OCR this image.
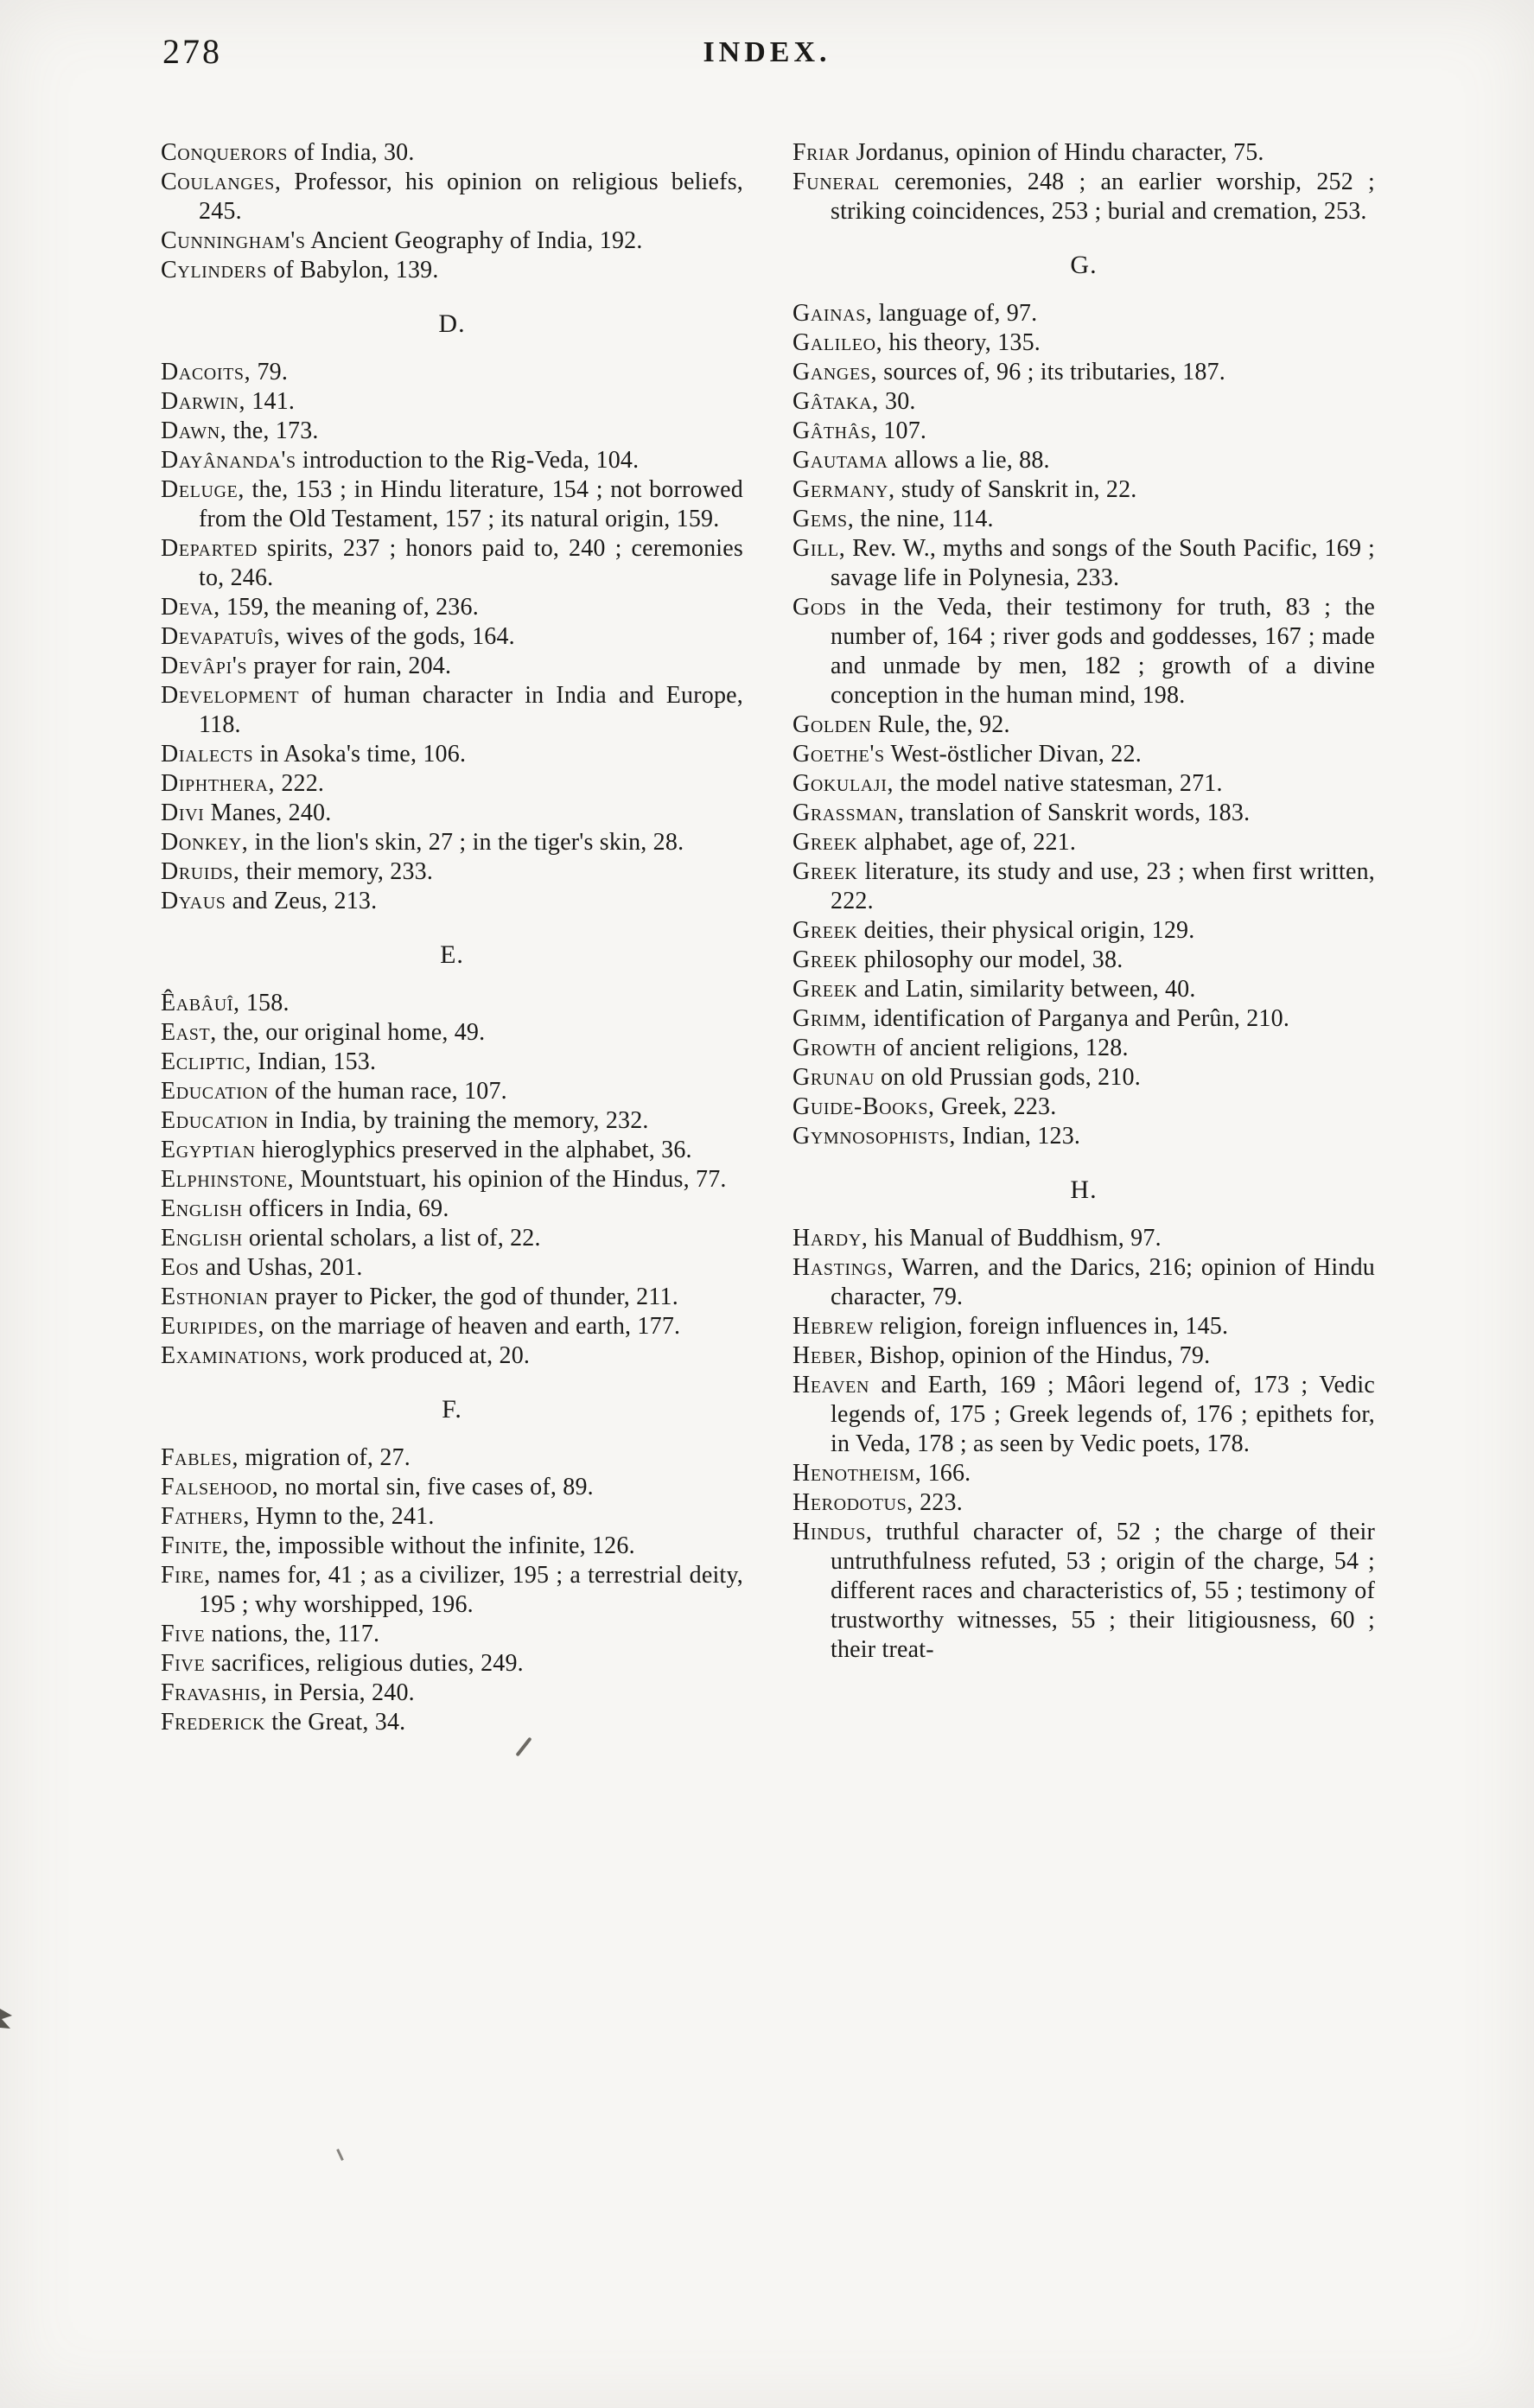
278	INDEX.

Conquerors of India, 30.

Coulanges, Professor, his opinion on religious beliefs, 245.

Cunningham's Ancient Geography of India, 192.

Cylinders of Babylon, 139.

D.

Dacoits, 79.

Darwin, 141.

Dawn, the, 173.

Dayânanda's introduction to the Rig-Veda, 104.

Deluge, the, 153 ; in Hindu literature, 154 ; not borrowed from the Old Testament, 157 ; its natural origin, 159.

Departed spirits, 237 ; honors paid to, 240 ; ceremonies to, 246.

Deva, 159, the meaning of, 236.

Devapatuîs, wives of the gods, 164.

Devâpi's prayer for rain, 204.

Development of human character in India and Europe, 118.

Dialects in Asoka's time, 106.

Diphthera, 222.

Divi Manes, 240.

Donkey, in the lion's skin, 27 ; in the tiger's skin, 28.

Druids, their memory, 233.

Dyaus and Zeus, 213.

E.

Êabâuî, 158.

East, the, our original home, 49.

Ecliptic, Indian, 153.

Education of the human race, 107.

Education in India, by training the memory, 232.

Egyptian hieroglyphics preserved in the alphabet, 36.

Elphinstone, Mountstuart, his opinion of the Hindus, 77.

English officers in India, 69.

English oriental scholars, a list of, 22.

Eos and Ushas, 201.

Esthonian prayer to Picker, the god of thunder, 211.

Euripides, on the marriage of heaven and earth, 177.

Examinations, work produced at, 20.

F.

Fables, migration of, 27.

Falsehood, no mortal sin, five cases of, 89.

Fathers, Hymn to the, 241.

Finite, the, impossible without the infinite, 126.

Fire, names for, 41 ; as a civilizer, 195 ; a terrestrial deity, 195 ; why worshipped, 196.

Five nations, the, 117.

Five sacrifices, religious duties, 249.

Fravashis, in Persia, 240.

Frederick the Great, 34.

Friar Jordanus, opinion of Hindu character, 75.

Funeral ceremonies, 248 ; an earlier worship, 252 ; striking coincidences, 253 ; burial and cremation, 253.

G.

Gainas, language of, 97.

Galileo, his theory, 135.

Ganges, sources of, 96 ; its tributaries, 187.

Gâtaka, 30.

Gâthâs, 107.

Gautama allows a lie, 88.

Germany, study of Sanskrit in, 22.

Gems, the nine, 114.

Gill, Rev. W., myths and songs of the South Pacific, 169 ; savage life in Polynesia, 233.

Gods in the Veda, their testimony for truth, 83 ; the number of, 164 ; river gods and goddesses, 167 ; made and unmade by men, 182 ; growth of a divine conception in the human mind, 198.

Golden Rule, the, 92.

Goethe's West-östlicher Divan, 22.

Gokulaji, the model native statesman, 271.

Grassman, translation of Sanskrit words, 183.

Greek alphabet, age of, 221.

Greek literature, its study and use, 23 ; when first written, 222.

Greek deities, their physical origin, 129.

Greek philosophy our model, 38.

Greek and Latin, similarity between, 40.

Grimm, identification of Parganya and Perûn, 210.

Growth of ancient religions, 128.

Grunau on old Prussian gods, 210.

Guide-Books, Greek, 223.

Gymnosophists, Indian, 123.

H.

Hardy, his Manual of Buddhism, 97.

Hastings, Warren, and the Darics, 216; opinion of Hindu character, 79.

Hebrew religion, foreign influences in, 145.

Heber, Bishop, opinion of the Hindus, 79.

Heaven and Earth, 169 ; Mâori legend of, 173 ; Vedic legends of, 175 ; Greek legends of, 176 ; epithets for, in Veda, 178 ; as seen by Vedic poets, 178.

Henotheism, 166.

Herodotus, 223.

Hindus, truthful character of, 52 ; the charge of their untruthfulness refuted, 53 ; origin of the charge, 54 ; different races and characteristics of, 55 ; testimony of trustworthy witnesses, 55 ; their litigiousness, 60 ; their treat-
